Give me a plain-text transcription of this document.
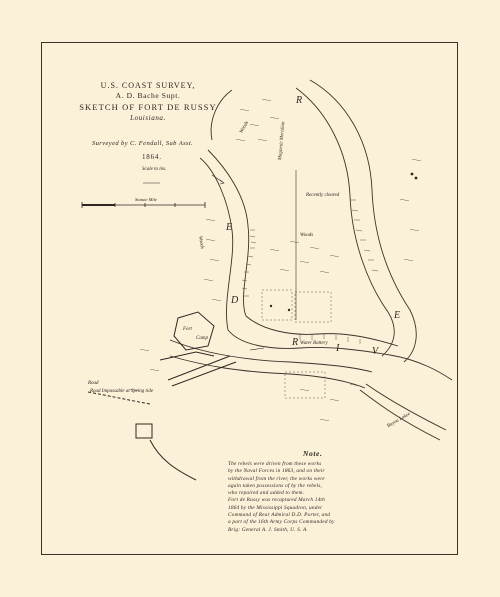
U.S. COAST SURVEY,
A. D. Bache Supt.
SKETCH OF FORT DE RUSSY
Louisiana.
Surveyed by C. Fendall, Sub Asst.
1864.
Scale to ins.
Statute Mile
Woods
Woods
Woods
Recently cleared
Magnetic Meridian
Water Battery
Road Impassable at Spring tide
Road
Bayou Lakee
Fort
Camp
R
E
D
I	V
E
R
Note.

The rebels were driven from these works

by the Naval Forces in 1863, and on their

withdrawal from the river, the works were

again taken possessions of by the rebels,

who repaired and added to them.

Fort de Russy was recaptured March 14th

1864 by the Mississippi Squadron, under

Command of Rear Admiral D.D. Porter, and

a part of the 16th Army Corps Commanded by

Brig: General A. J. Smith, U. S. A.
